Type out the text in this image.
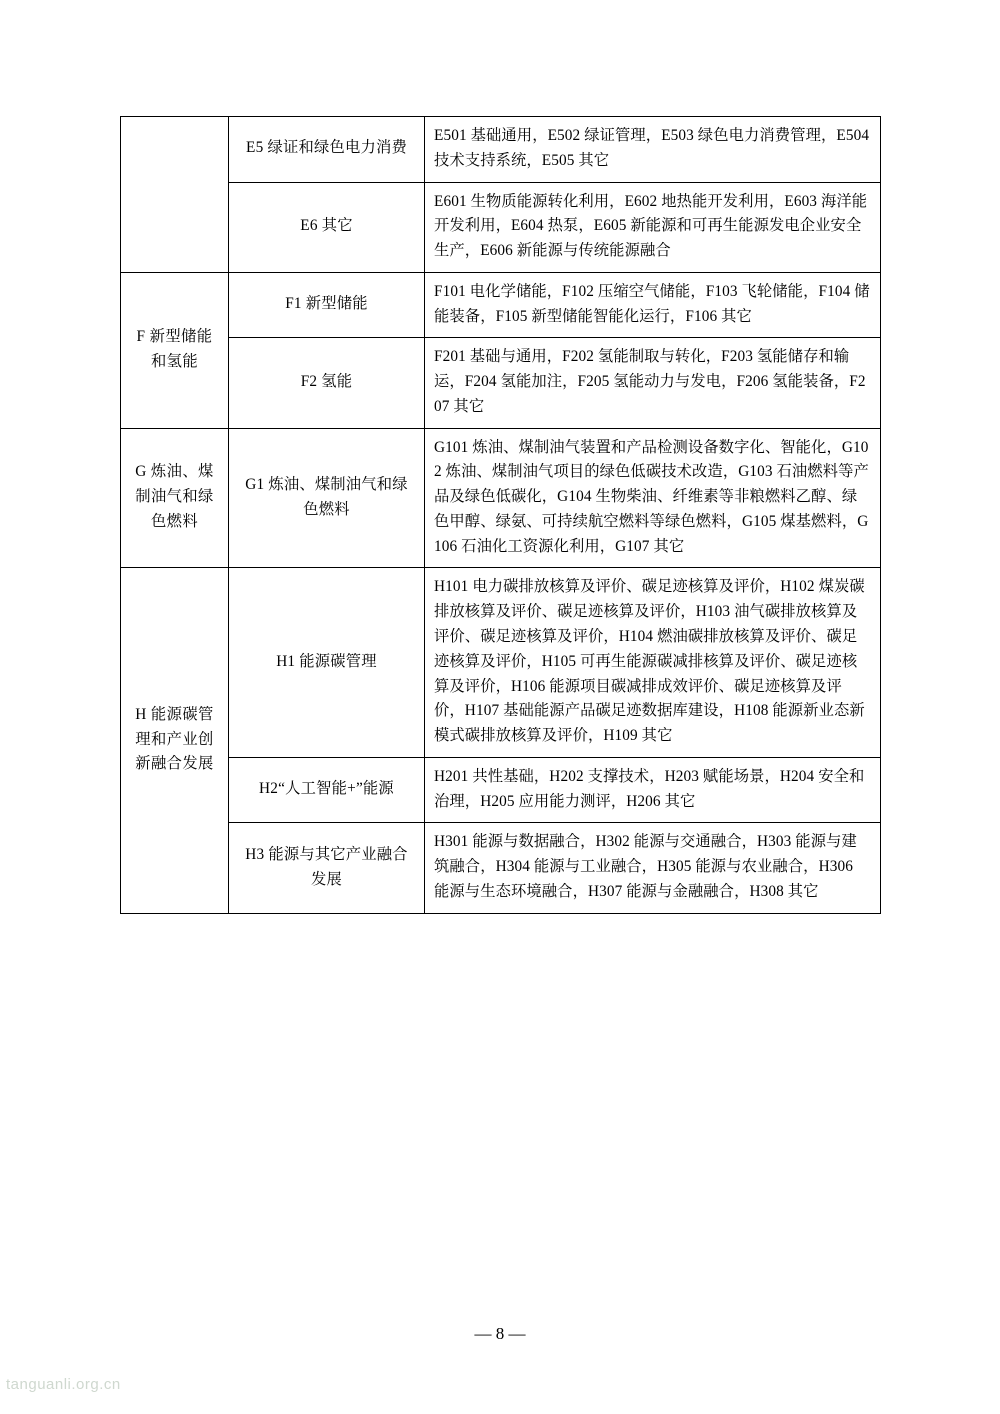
	E5 绿证和绿色电力消费	E501 基础通用，E502 绿证管理，E503 绿色电力消费管理，E504 技术支持系统，E505 其它
	E6 其它	E601 生物质能源转化利用，E602 地热能开发利用，E603 海洋能开发利用，E604 热泵，E605 新能源和可再生能源发电企业安全生产，E606 新能源与传统能源融合
F 新型储能和氢能	F1 新型储能	F101 电化学储能，F102 压缩空气储能，F103 飞轮储能，F104 储能装备，F105 新型储能智能化运行，F106 其它
	F2 氢能	F201 基础与通用，F202 氢能制取与转化，F203 氢能储存和输运，F204 氢能加注，F205 氢能动力与发电，F206 氢能装备，F207 其它
G 炼油、煤制油气和绿色燃料	G1 炼油、煤制油气和绿色燃料	G101 炼油、煤制油气装置和产品检测设备数字化、智能化，G102 炼油、煤制油气项目的绿色低碳技术改造，G103 石油燃料等产品及绿色低碳化，G104 生物柴油、纤维素等非粮燃料乙醇、绿色甲醇、绿氨、可持续航空燃料等绿色燃料，G105 煤基燃料，G106 石油化工资源化利用，G107 其它
H 能源碳管理和产业创新融合发展	H1 能源碳管理	H101 电力碳排放核算及评价、碳足迹核算及评价，H102 煤炭碳排放核算及评价、碳足迹核算及评价，H103 油气碳排放核算及评价、碳足迹核算及评价，H104 燃油碳排放核算及评价、碳足迹核算及评价，H105 可再生能源碳减排核算及评价、碳足迹核算及评价，H106 能源项目碳减排成效评价、碳足迹核算及评价，H107 基础能源产品碳足迹数据库建设，H108 能源新业态新模式碳排放核算及评价，H109 其它
	H2“人工智能+”能源	H201 共性基础，H202 支撑技术，H203 赋能场景，H204 安全和治理，H205 应用能力测评，H206 其它
	H3 能源与其它产业融合发展	H301 能源与数据融合，H302 能源与交通融合，H303 能源与建筑融合，H304 能源与工业融合，H305 能源与农业融合，H306 能源与生态环境融合，H307 能源与金融融合，H308 其它
— 8 —
tanguanli.org.cn
